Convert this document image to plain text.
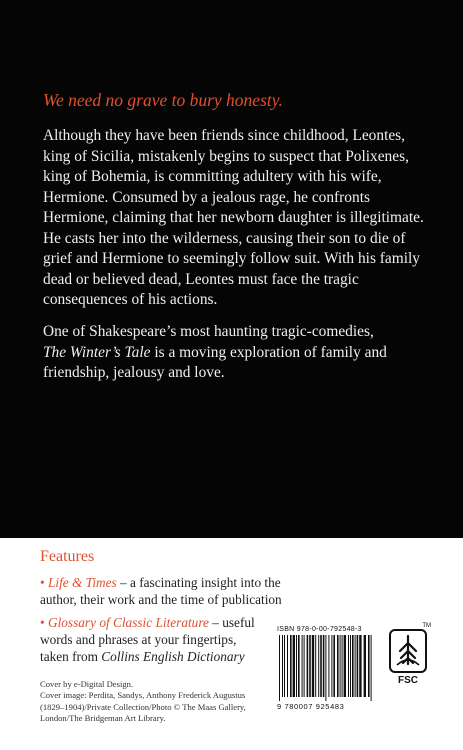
We need no grave to bury honesty.

Although they have been friends since childhood, Leontes, king of Sicilia, mistakenly begins to suspect that Polixenes, king of Bohemia, is committing adultery with his wife, Hermione. Consumed by a jealous rage, he confronts Hermione, claiming that her newborn daughter is illegitimate. He casts her into the wilderness, causing their son to die of grief and Hermione to seemingly follow suit. With his family dead or believed dead, Leontes must face the tragic consequences of his actions.

One of Shakespeare’s most haunting tragic-comedies,
The Winter’s Tale is a moving exploration of family and friendship, jealousy and love.

Features
• Life & Times – a fascinating insight into the author, their work and the time of publication
• Glossary of Classic Literature – useful words and phrases at your fingertips, taken from Collins English Dictionary
Cover by e-Digital Design.
Cover image: Perdita, Sandys, Anthony Frederick Augustus
(1829–1904)/Private Collection/Photo © The Maas Gallery,
London/The Bridgeman Art Library.
ISBN 978-0-00-792548-3
9 780007 925483
TM
FSC
